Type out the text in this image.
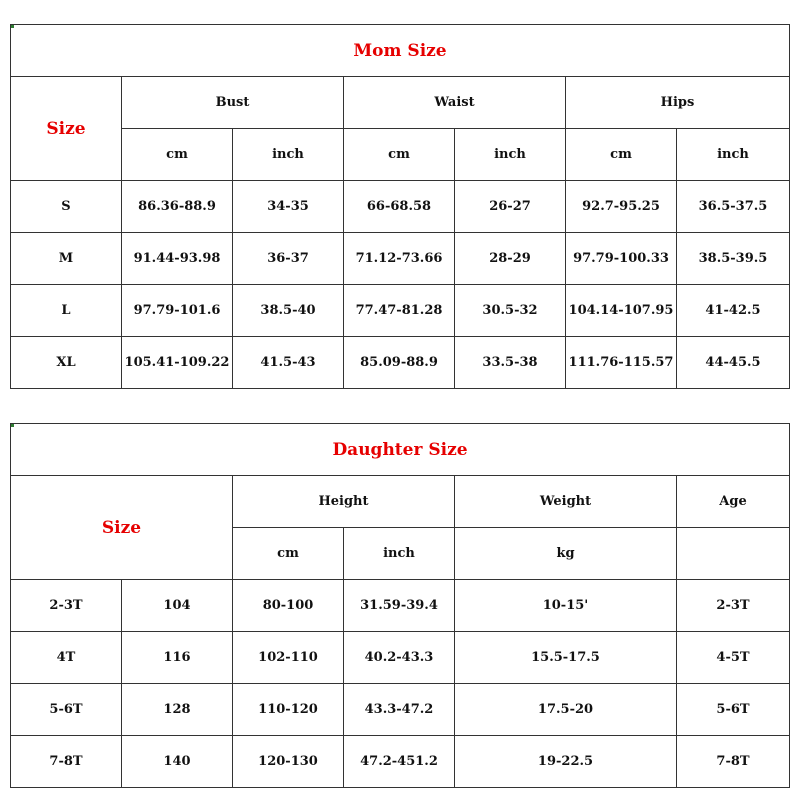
Mom Size						
Size	Bust		Waist		Hips	
	cm	inch	cm	inch	cm	inch
S	86.36-88.9	34-35	66-68.58	26-27	92.7-95.25	36.5-37.5
M	91.44-93.98	36-37	71.12-73.66	28-29	97.79-100.33	38.5-39.5
L	97.79-101.6	38.5-40	77.47-81.28	30.5-32	104.14-107.95	41-42.5
XL	105.41-109.22	41.5-43	85.09-88.9	33.5-38	111.76-115.57	44-45.5
Daughter Size					
Size		Height		Weight	Age
		cm	inch	kg	
2-3T	104	80-100	31.59-39.4	10-15'	2-3T
4T	116	102-110	40.2-43.3	15.5-17.5	4-5T
5-6T	128	110-120	43.3-47.2	17.5-20	5-6T
7-8T	140	120-130	47.2-451.2	19-22.5	7-8T
